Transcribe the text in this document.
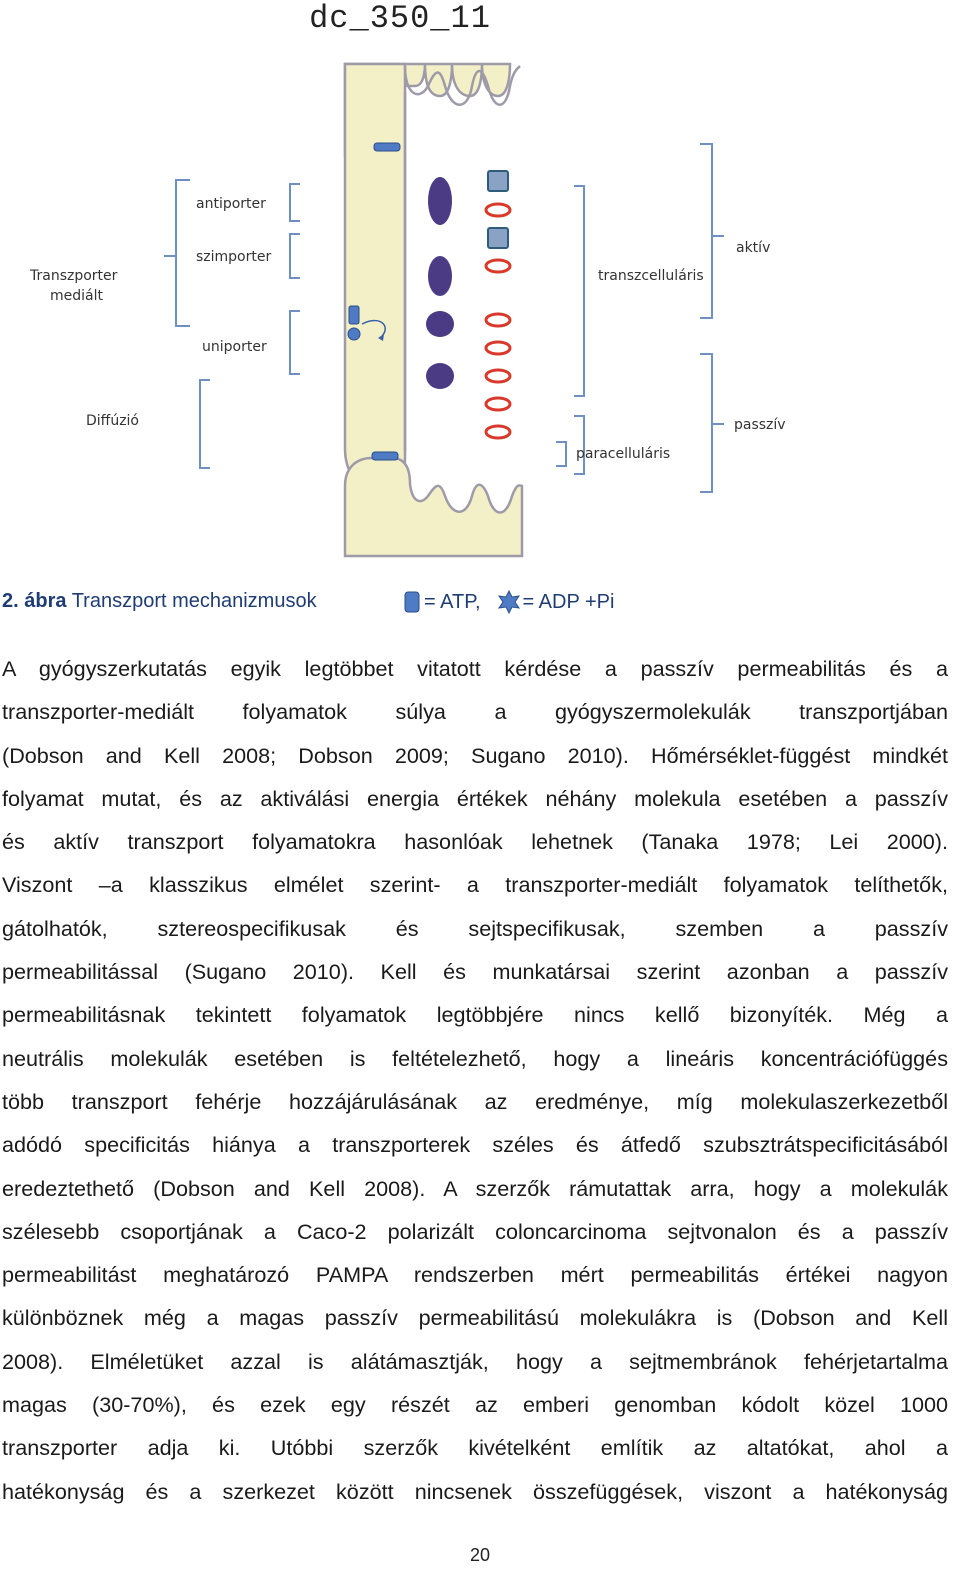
dc_350_11
antiporter
szimporter
uniporter
Transzporter
mediált
Diffúzió
aktív
transzcelluláris
passzív
paracelluláris
2. ábra Transzport mechanizmusok	= ATP, = ADP +Pi
A gyógyszerkutatás egyik legtöbbet vitatott kérdése a passzív permeabilitás és a
transzporter-mediált folyamatok súlya a gyógyszermolekulák transzportjában
(Dobson and Kell 2008; Dobson 2009; Sugano 2010). Hőmérséklet-függést mindkét
folyamat mutat, és az aktiválási energia értékek néhány molekula esetében a passzív
és aktív transzport folyamatokra hasonlóak lehetnek (Tanaka 1978; Lei 2000).
Viszont –a klasszikus elmélet szerint- a transzporter-mediált folyamatok telíthetők,
gátolhatók, sztereospecifikusak és sejtspecifikusak, szemben a passzív
permeabilitással (Sugano 2010). Kell és munkatársai szerint azonban a passzív
permeabilitásnak tekintett folyamatok legtöbbjére nincs kellő bizonyíték. Még a
neutrális molekulák esetében is feltételezhető, hogy a lineáris koncentrációfüggés
több transzport fehérje hozzájárulásának az eredménye, míg molekulaszerkezetből
adódó specificitás hiánya a transzporterek széles és átfedő szubsztrátspecificitásából
eredeztethető (Dobson and Kell 2008). A szerzők rámutattak arra, hogy a molekulák
szélesebb csoportjának a Caco-2 polarizált coloncarcinoma sejtvonalon és a passzív
permeabilitást meghatározó PAMPA rendszerben mért permeabilitás értékei nagyon
különböznek még a magas passzív permeabilitású molekulákra is (Dobson and Kell
2008). Elméletüket azzal is alátámasztják, hogy a sejtmembránok fehérjetartalma
magas (30-70%), és ezek egy részét az emberi genomban kódolt közel 1000
transzporter adja ki. Utóbbi szerzők kivételként említik az altatókat, ahol a
hatékonyság és a szerkezet között nincsenek összefüggések, viszont a hatékonyság
20
